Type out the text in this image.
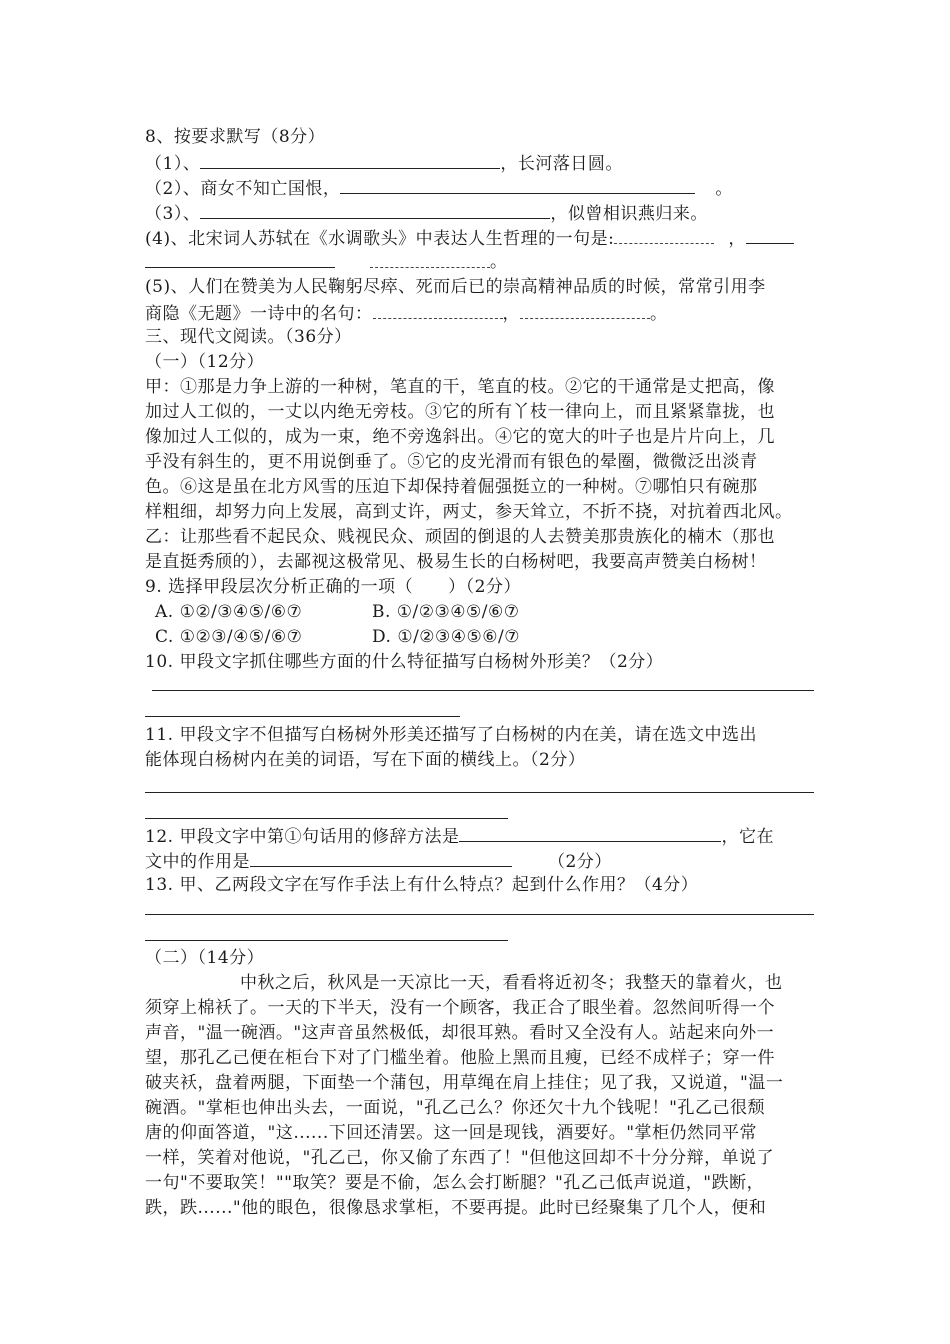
8、按要求默写（8分）
（1）、	，长河落日圆。
（2）、商女不知亡国恨，	。
（3）、	，似曾相识燕归来。
(4)、北宋词人苏轼在《水调歌头》中表达人生哲理的一句是:	，
。
(5)、人们在赞美为人民鞠躬尽瘁、死而后已的崇高精神品质的时候，常常引用李
商隐《无题》一诗中的名句：	，	。
三、现代文阅读。（36分）
（一）（12分）
甲：①那是力争上游的一种树，笔直的干，笔直的枝。②它的干通常是丈把高，像
加过人工似的，一丈以内绝无旁枝。③它的所有丫枝一律向上，而且紧紧靠拢，也
像加过人工似的，成为一束，绝不旁逸斜出。④它的宽大的叶子也是片片向上，几
乎没有斜生的，更不用说倒垂了。⑤它的皮光滑而有银色的晕圈，微微泛出淡青
色。⑥这是虽在北方风雪的压迫下却保持着倔强挺立的一种树。⑦哪怕只有碗那
样粗细，却努力向上发展，高到丈许，两丈，参天耸立，不折不挠，对抗着西北风。
乙：让那些看不起民众、贱视民众、顽固的倒退的人去赞美那贵族化的楠木（那也
是直挺秀颀的），去鄙视这极常见、极易生长的白杨树吧，我要高声赞美白杨树！
9. 选择甲段层次分析正确的一项（　　）（2分）
A. ①②/③④⑤/⑥⑦	B. ①/②③④⑤/⑥⑦
C. ①②③/④⑤/⑥⑦	D. ①/②③④⑤⑥/⑦
10. 甲段文字抓住哪些方面的什么特征描写白杨树外形美？（2分）
11. 甲段文字不但描写白杨树外形美还描写了白杨树的内在美，请在选文中选出
能体现白杨树内在美的词语，写在下面的横线上。（2分）
12. 甲段文字中第①句话用的修辞方法是	，它在
文中的作用是	（2分）
13. 甲、乙两段文字在写作手法上有什么特点？起到什么作用？（4分）
（二）（14分）
中秋之后，秋风是一天凉比一天，看看将近初冬；我整天的靠着火，也
须穿上棉袄了。一天的下半天，没有一个顾客，我正合了眼坐着。忽然间听得一个
声音，"温一碗酒。"这声音虽然极低，却很耳熟。看时又全没有人。站起来向外一
望，那孔乙己便在柜台下对了门槛坐着。他脸上黑而且瘦，已经不成样子；穿一件
破夹袄，盘着两腿，下面垫一个蒲包，用草绳在肩上挂住；见了我，又说道，"温一
碗酒。"掌柜也伸出头去，一面说，"孔乙己么？你还欠十九个钱呢！"孔乙己很颓
唐的仰面答道，"这......下回还清罢。这一回是现钱，酒要好。"掌柜仍然同平常
一样，笑着对他说，"孔乙己，你又偷了东西了！"但他这回却不十分分辩，单说了
一句"不要取笑！""取笑？要是不偷，怎么会打断腿？"孔乙己低声说道，"跌断，
跌，跌......"他的眼色，很像恳求掌柜，不要再提。此时已经聚集了几个人，便和
